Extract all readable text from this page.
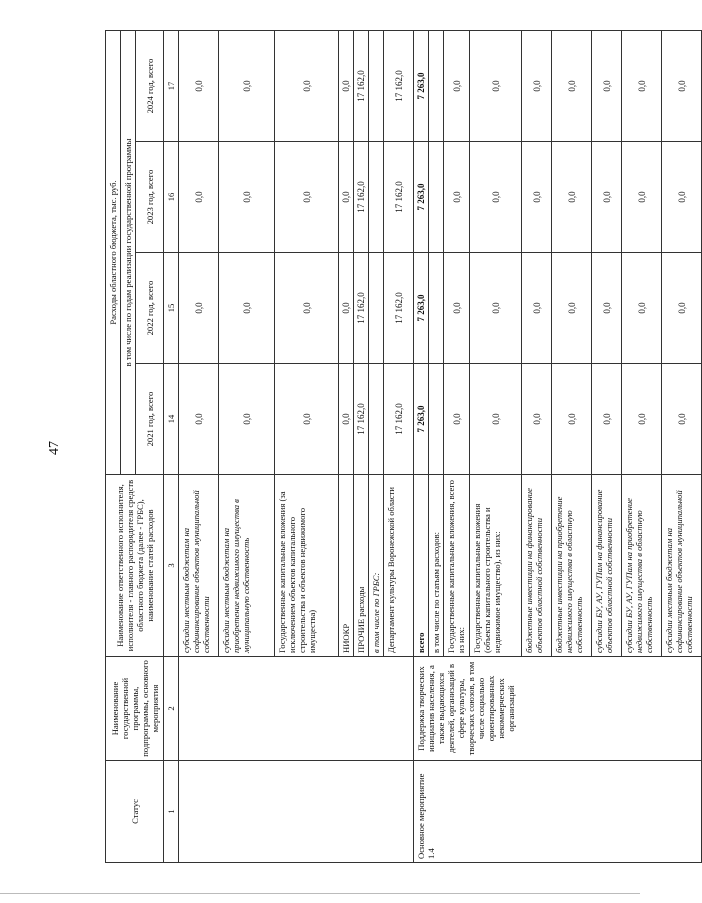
47
Статус	Наименование государственной программы, подпрограммы, основного мероприятия	Наименование ответственного исполнителя, исполнителя - главного распорядителя средств областного бюджета (далее - ГРБС), наименование статей расходов	Расходы областного бюджета, тыс. руб.			
			в том числе по годам реализации государственной программы			
			2021 год, всего	2022 год, всего	2023 год, всего	2024 год, всего
1	2	3	14	15	16	17
		субсидии местным бюджетам на софинансирование объектов муниципальной собственности	0,0	0,0	0,0	0,0
		субсидии местным бюджетам на приобретение недвижимого имущества в муниципальную собственность	0,0	0,0	0,0	0,0
		Государственные капитальные вложения (за исключением объектов капитального строительства и объектов недвижимого имущества)	0,0	0,0	0,0	0,0
		НИОКР	0,0	0,0	0,0	0,0
		ПРОЧИЕ расходы	17 162,0	17 162,0	17 162,0	17 162,0
		в том числе по ГРБС:				
		Департамент культуры Воронежской области	17 162,0	17 162,0	17 162,0	17 162,0
Основное мероприятие 1.4	Поддержка творческих инициатив населения, а также выдающихся деятелей, организаций в сфере культуры, творческих союзов, в том числе социально ориентированных некоммерческих организаций	всего	7 263,0	7 263,0	7 263,0	7 263,0
		в том числе по статьям расходов:				
		Государственные капитальные вложения, всего из них:	0,0	0,0	0,0	0,0
		Государственные капитальные вложения (объекты капитального строительства и недвижимое имущество), из них:	0,0	0,0	0,0	0,0
		бюджетные инвестиции на финансирование объектов областной собственности	0,0	0,0	0,0	0,0
		бюджетные инвестиции на приобретение недвижимого имущества в областную собственность	0,0	0,0	0,0	0,0
		субсидии БУ, АУ, ГУПам на финансирование объектов областной собственности	0,0	0,0	0,0	0,0
		субсидии БУ, АУ, ГУПам на приобретение недвижимого имущества в областную собственность	0,0	0,0	0,0	0,0
		субсидии местным бюджетам на софинансирование объектов муниципальной собственности	0,0	0,0	0,0	0,0
